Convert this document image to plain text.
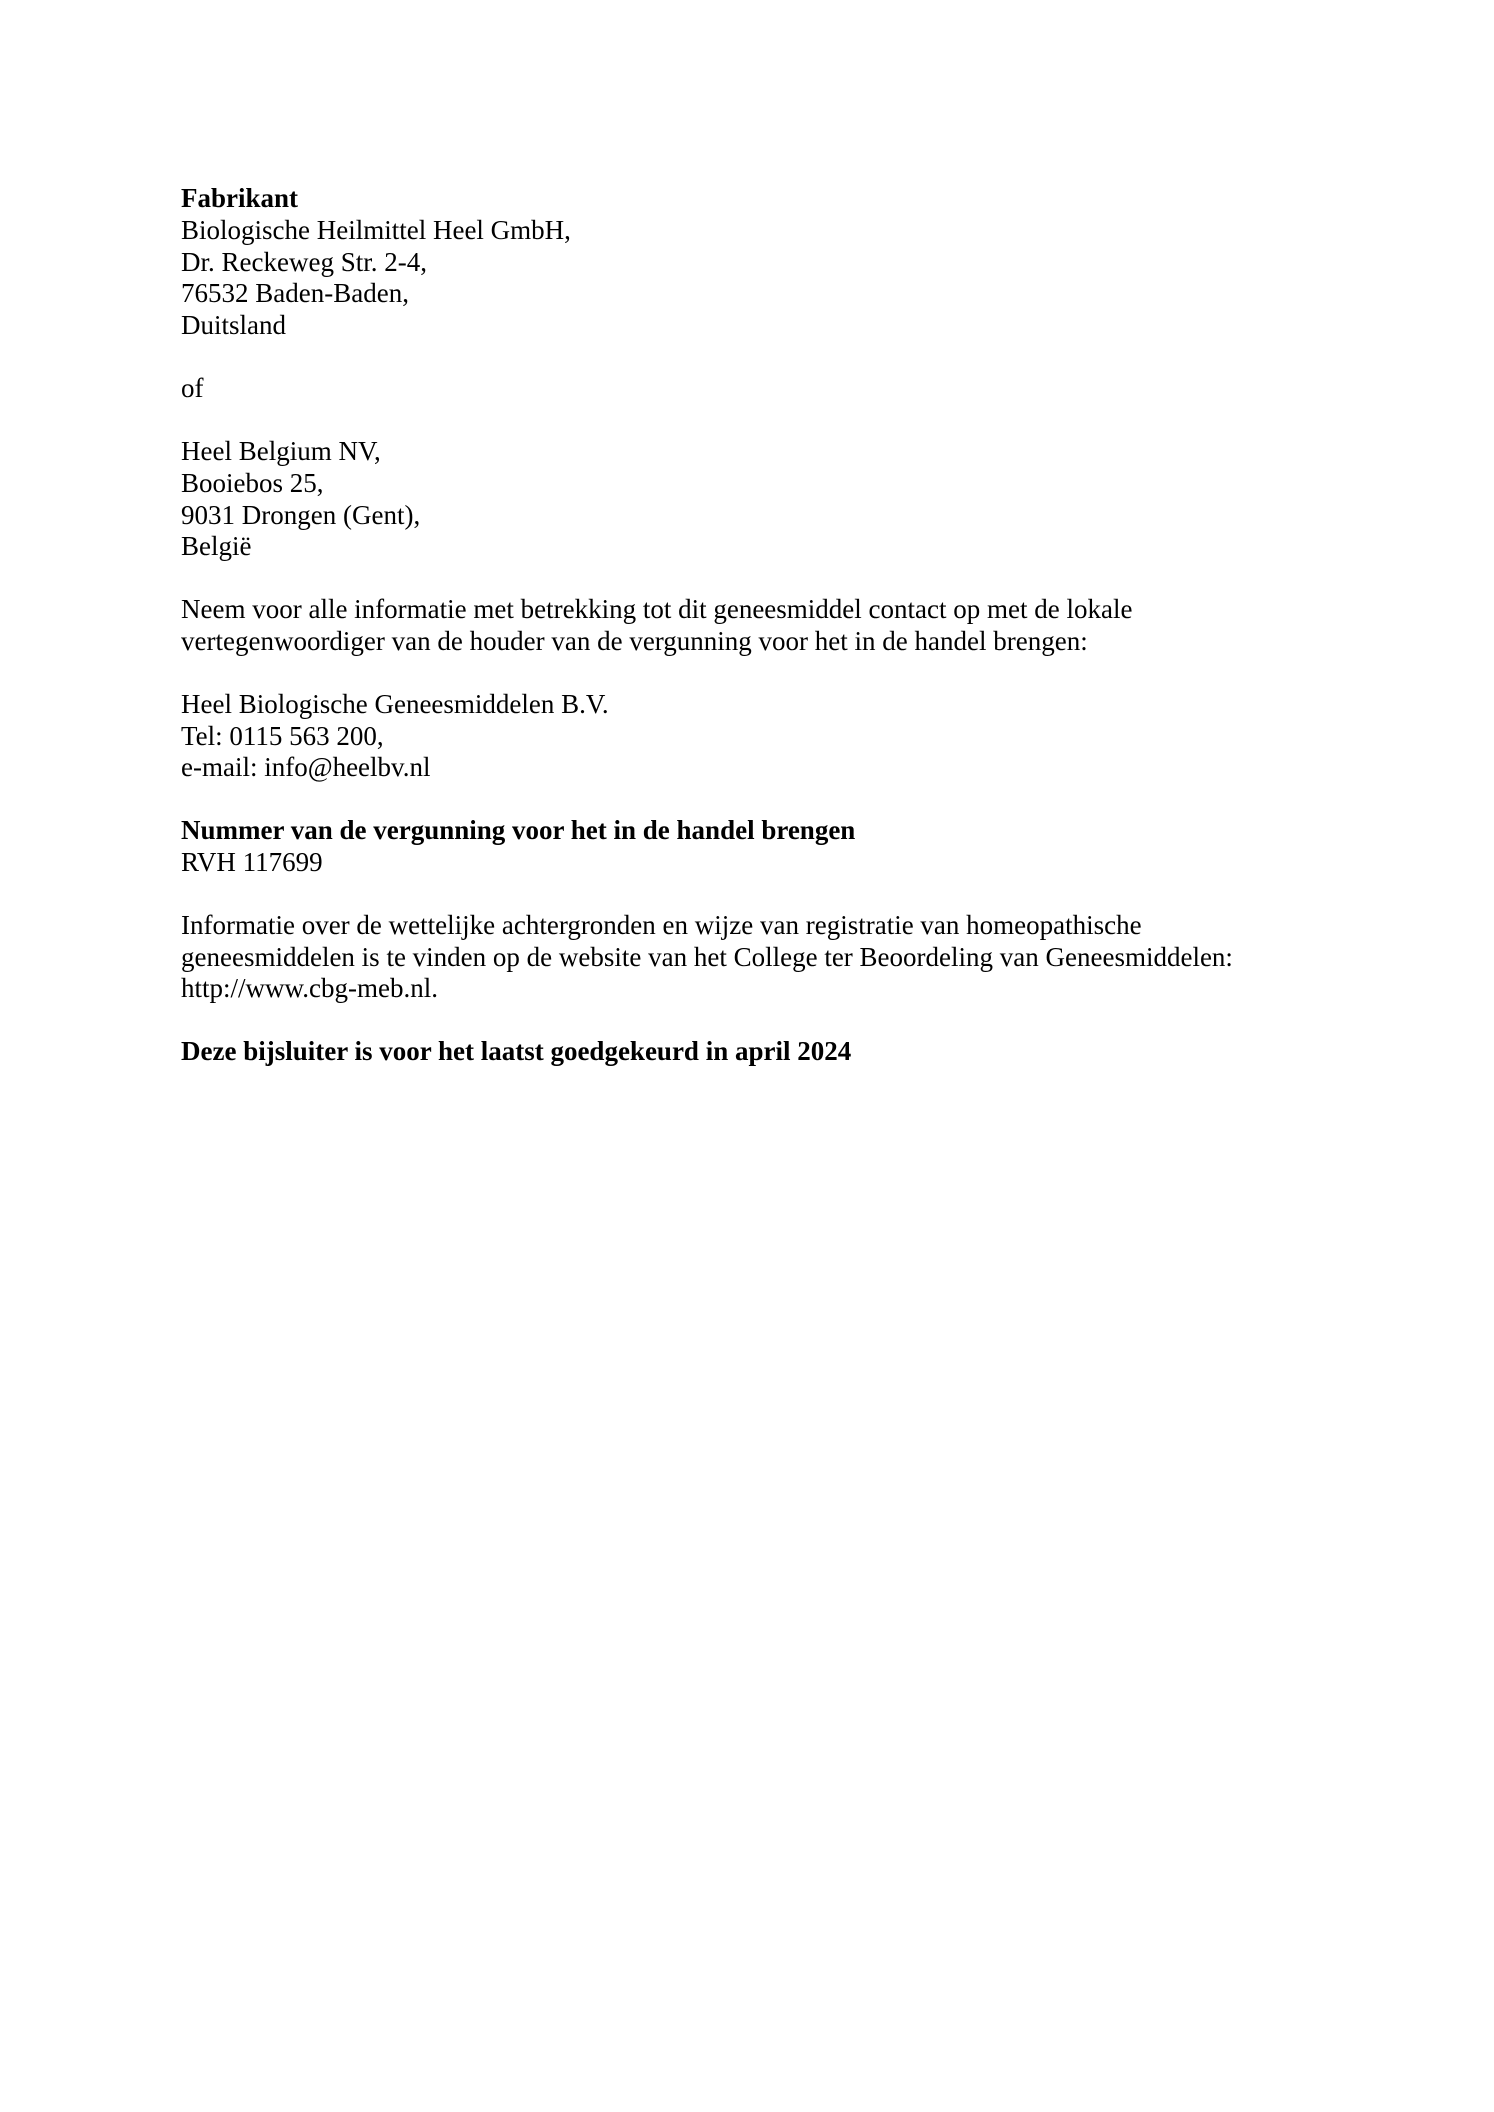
Fabrikant
Biologische Heilmittel Heel GmbH,
Dr. Reckeweg Str. 2-4,
76532 Baden-Baden,
Duitsland
of
Heel Belgium NV,
Booiebos 25,
9031 Drongen (Gent),
België
Neem voor alle informatie met betrekking tot dit geneesmiddel contact op met de lokale
vertegenwoordiger van de houder van de vergunning voor het in de handel brengen:
Heel Biologische Geneesmiddelen B.V.
Tel: 0115 563 200,
e-mail: info@heelbv.nl
Nummer van de vergunning voor het in de handel brengen
RVH 117699
Informatie over de wettelijke achtergronden en wijze van registratie van homeopathische
geneesmiddelen is te vinden op de website van het College ter Beoordeling van Geneesmiddelen:
http://www.cbg-meb.nl.
Deze bijsluiter is voor het laatst goedgekeurd in april 2024
